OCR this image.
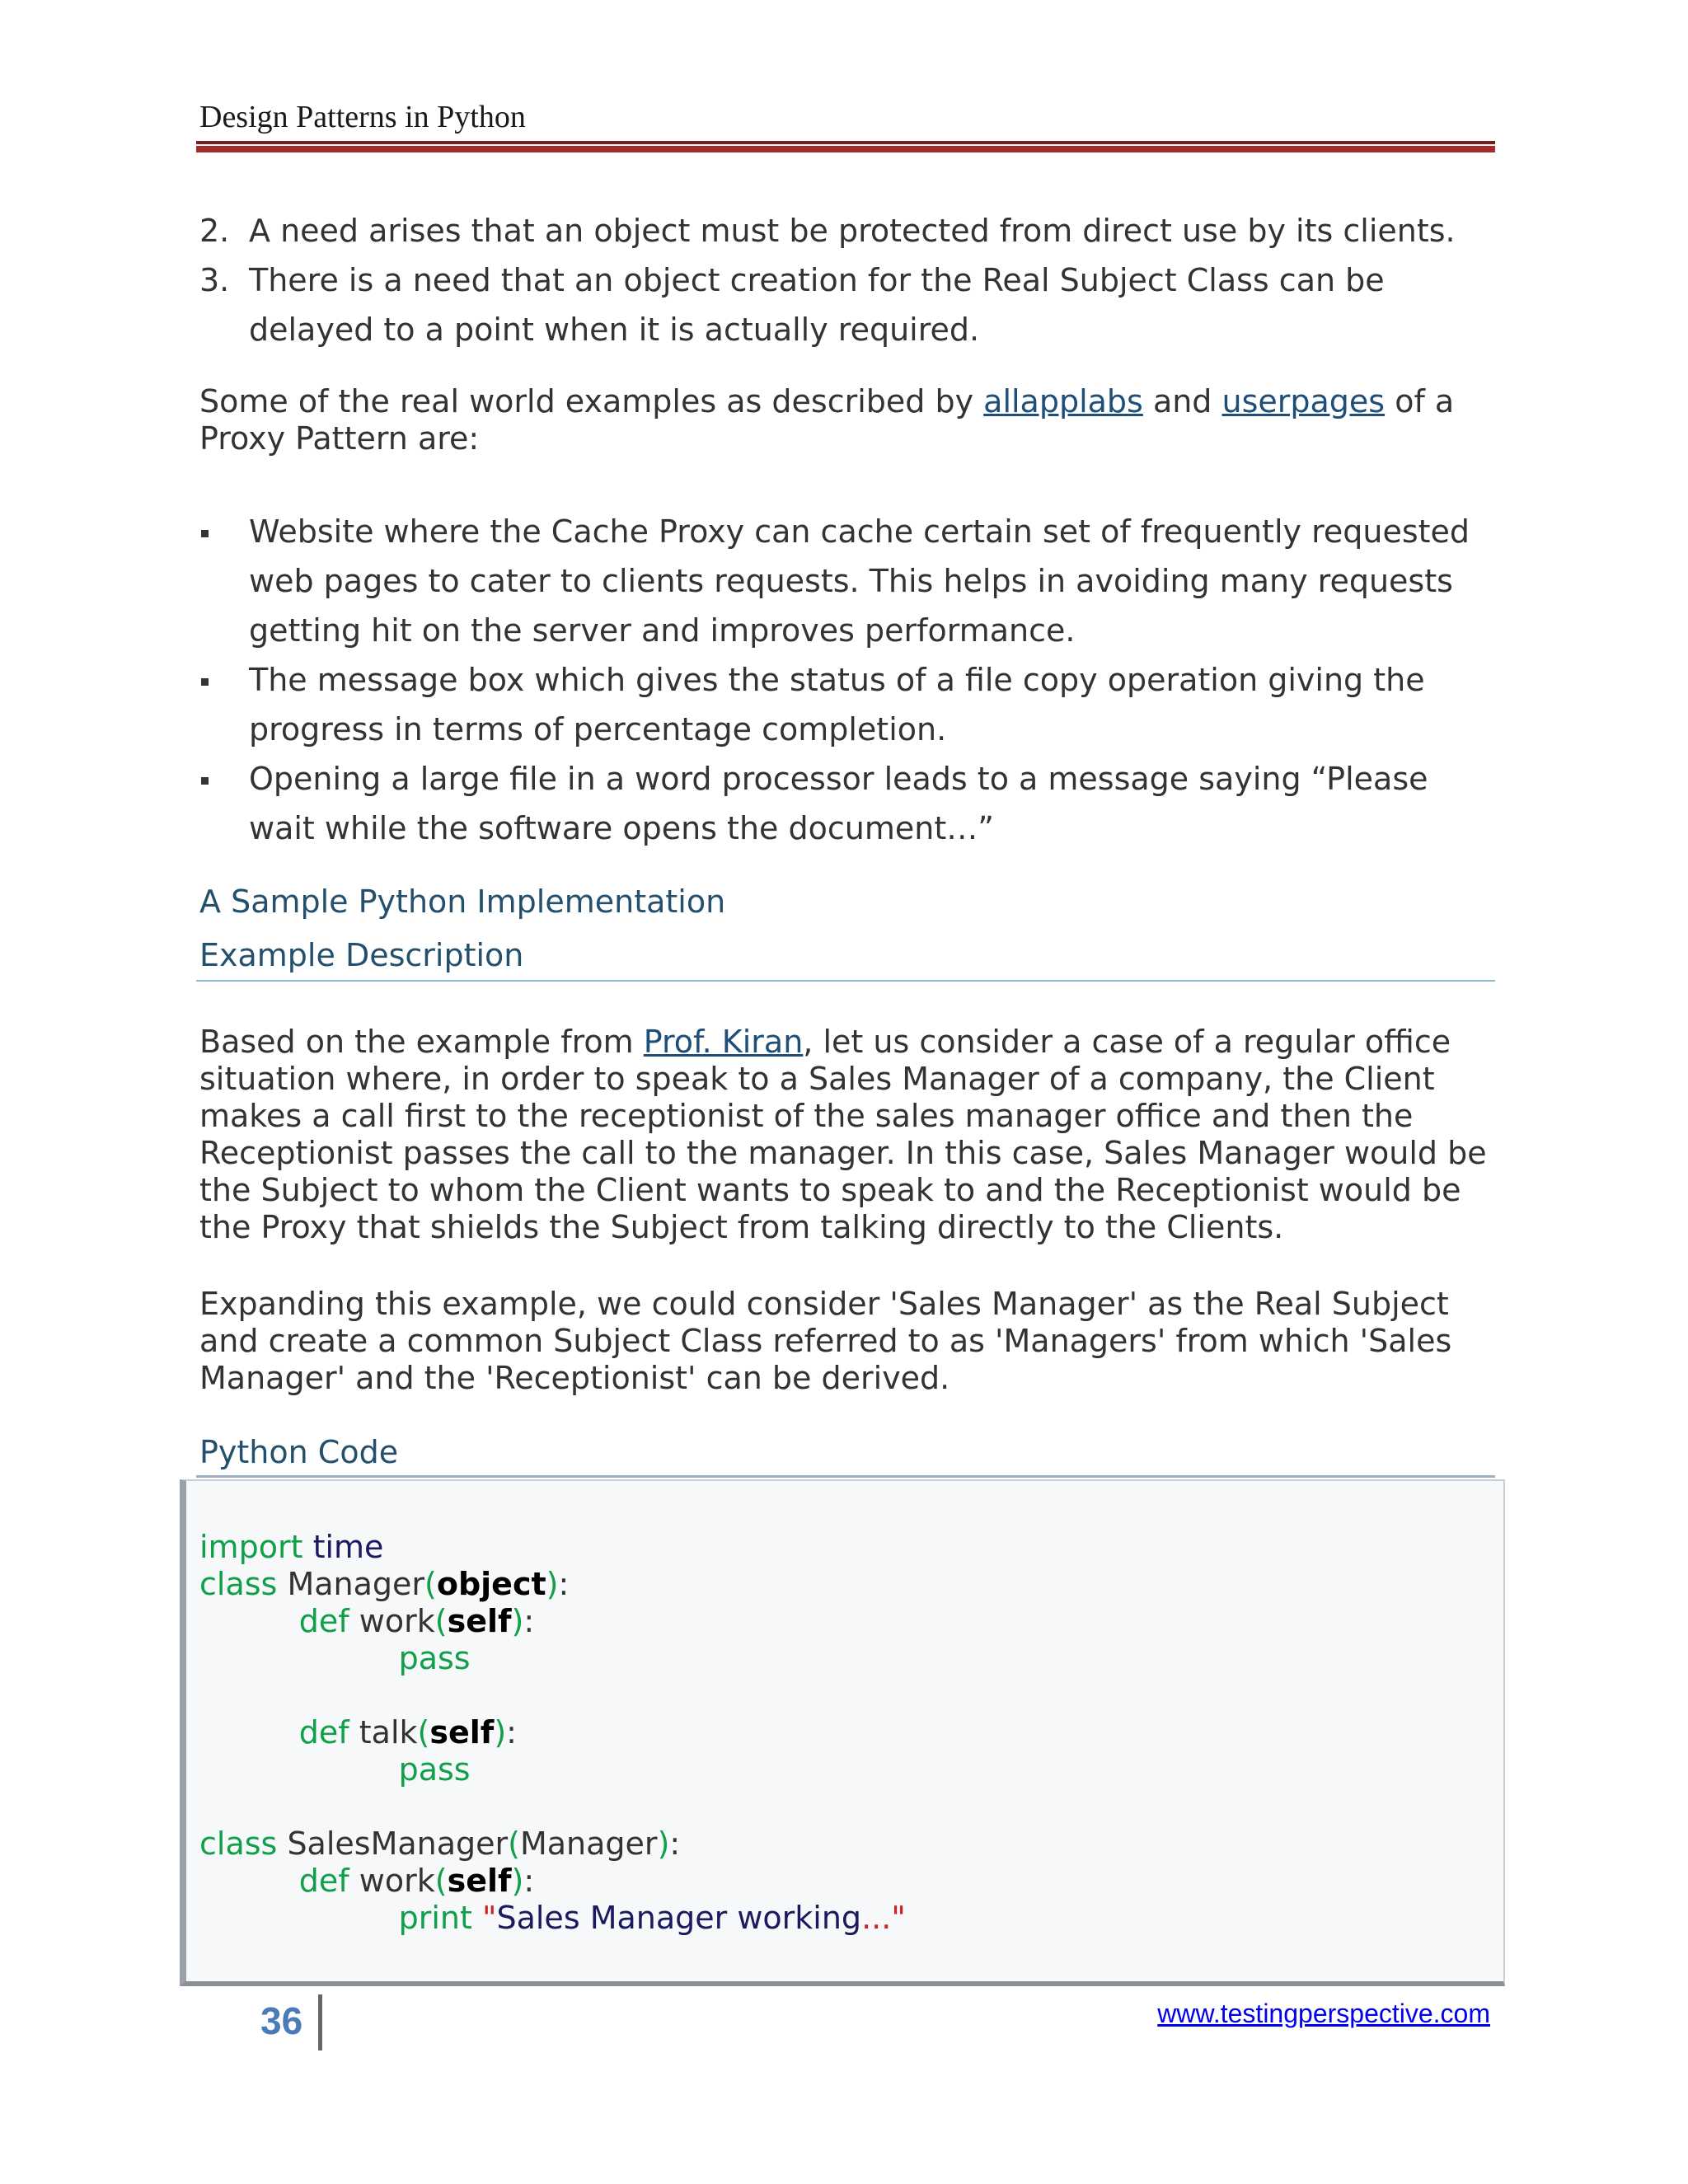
Design Patterns in Python
2. A need arises that an object must be protected from direct use by its clients.
3. There is a need that an object creation for the Real Subject Class can be delayed to a point when it is actually required.

Some of the real world examples as described by allapplabs and userpages of a Proxy Pattern are:

Website where the Cache Proxy can cache certain set of frequently requested web pages to cater to clients requests. This helps in avoiding many requests getting hit on the server and improves performance.
The message box which gives the status of a file copy operation giving the progress in terms of percentage completion.
Opening a large file in a word processor leads to a message saying “Please wait while the software opens the document…”
A Sample Python Implementation
Example Description

Based on the example from Prof. Kiran, let us consider a case of a regular office situation where, in order to speak to a Sales Manager of a company, the Client makes a call first to the receptionist of the sales manager office and then the Receptionist passes the call to the manager. In this case, Sales Manager would be the Subject to whom the Client wants to speak to and the Receptionist would be the Proxy that shields the Subject from talking directly to the Clients.

Expanding this example, we could consider 'Sales Manager' as the Real Subject and create a common Subject Class referred to as 'Managers' from which 'Sales Manager' and the 'Receptionist' can be derived.

Python Code
import time
class Manager(object):
def work(self):
pass

def talk(self):
pass

class SalesManager(Manager):
def work(self):
print "Sales Manager working..."
36	www.testingperspective.com
